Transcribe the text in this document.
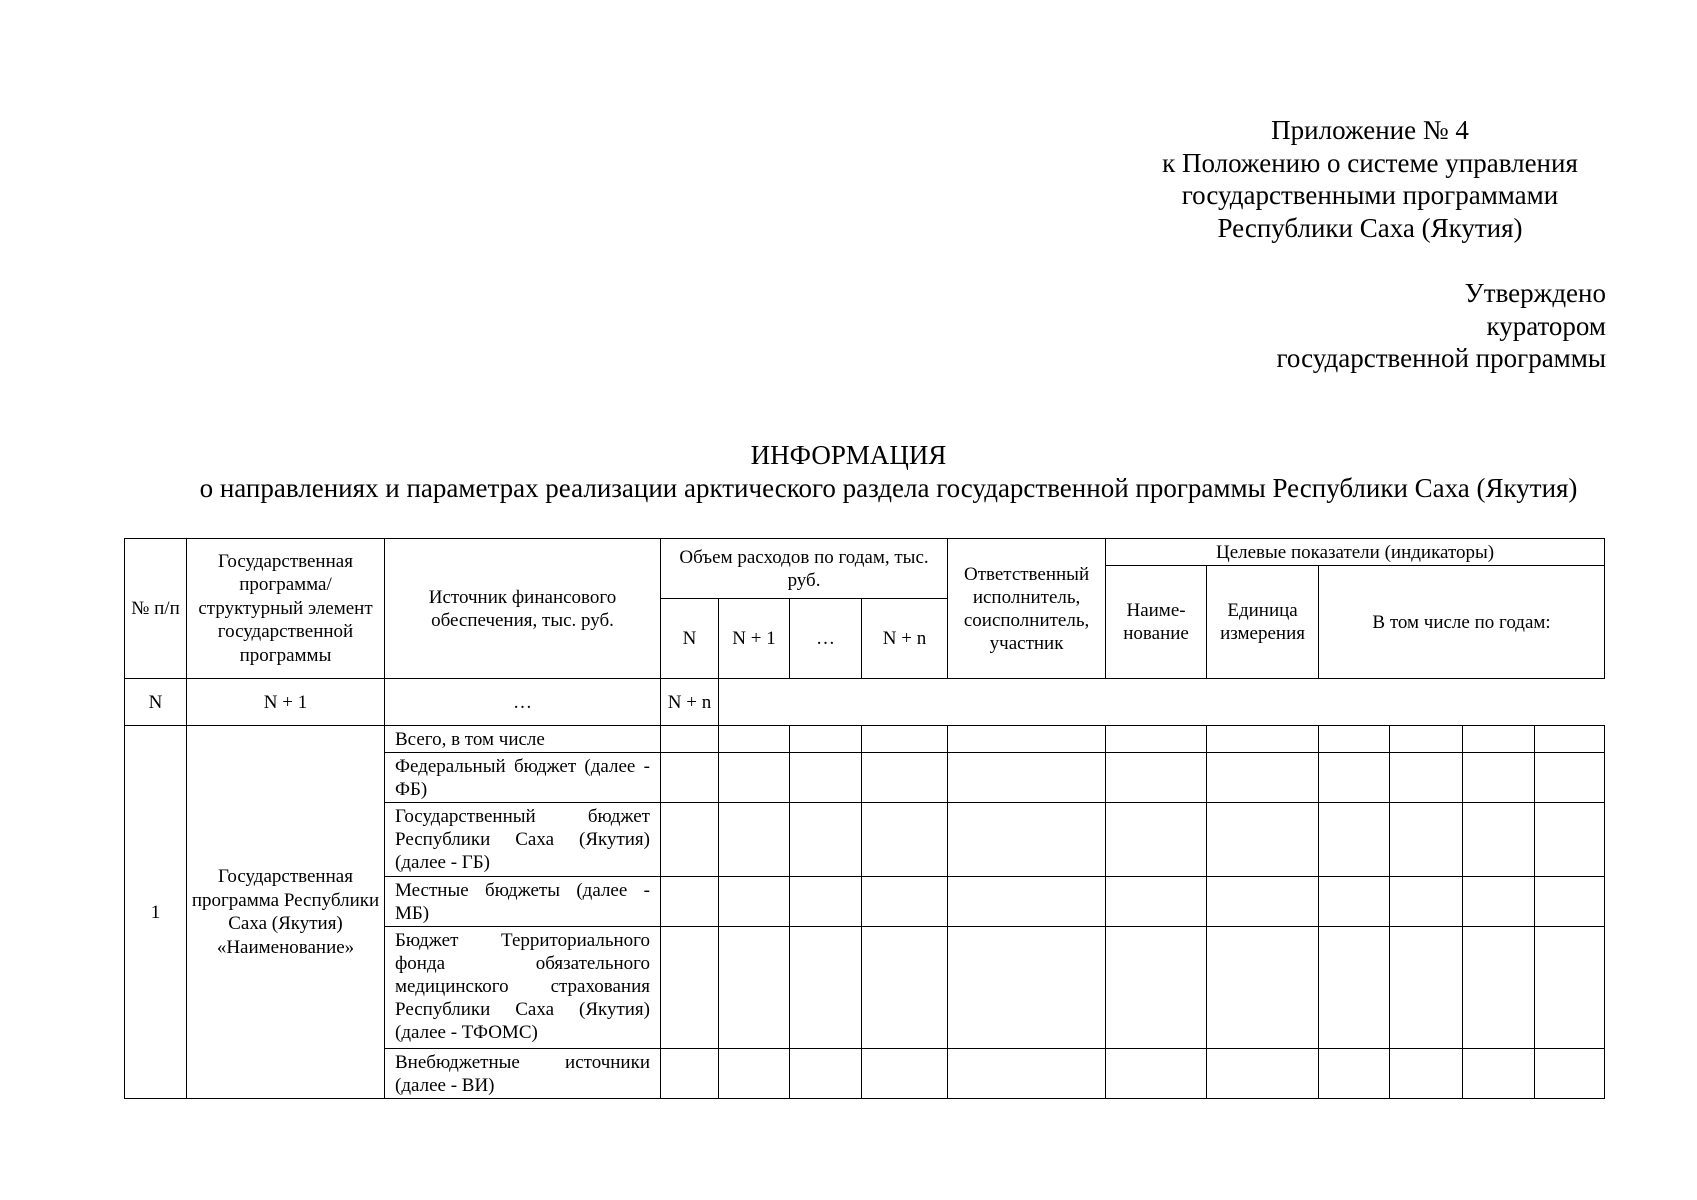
Приложение № 4
к Положению о системе управления
государственными программами
Республики Саха (Якутия)
Утверждено
куратором
государственной программы
ИНФОРМАЦИЯ
о направлениях и параметрах реализации арктического раздела государственной программы Республики Саха (Якутия)
№ п/п	Государственная программа/ структурный элемент государственной программы	Источник финансового обеспечения, тыс. руб.	Объем расходов по годам, тыс. руб.				Ответственный исполнитель, соисполнитель, участник	Целевые показатели (индикаторы)					
								Наиме-нование	Единица измерения	В том числе по годам:			
			N	N + 1	…	N + n							
N	N + 1	…	N + n										
1	Государственная программа Республики Саха (Якутия) «Наименование»	Всего, в том числе											
		Федеральный бюджет (далее - ФБ)											
		Государственный бюджет Республики Саха (Якутия) (далее - ГБ)											
		Местные бюджеты (далее - МБ)											
		Бюджет Территориального фонда обязательного медицинского страхования Республики Саха (Якутия) (далее - ТФОМС)											
		Внебюджетные источники (далее - ВИ)											
